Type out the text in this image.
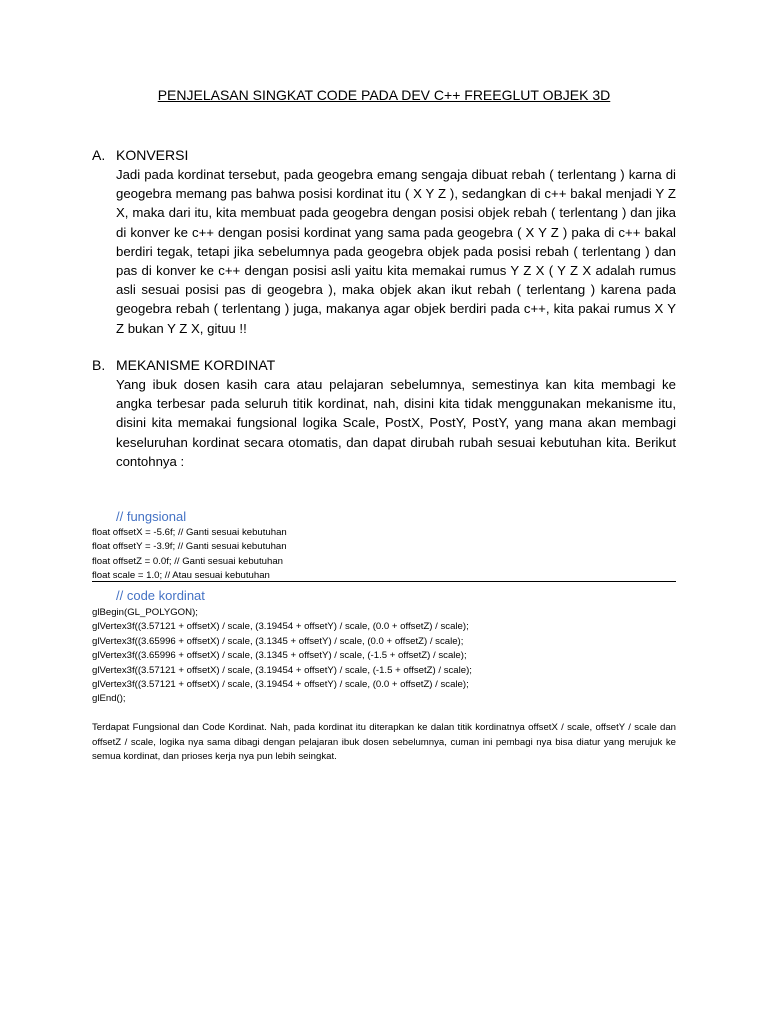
PENJELASAN SINGKAT CODE PADA DEV C++ FREEGLUT OBJEK 3D
A. KONVERSI
Jadi pada kordinat tersebut, pada geogebra emang sengaja dibuat rebah ( terlentang ) karna di geogebra memang pas bahwa posisi kordinat itu ( X Y Z ), sedangkan di c++ bakal menjadi Y Z X, maka dari itu, kita membuat pada geogebra dengan posisi objek rebah ( terlentang ) dan jika di konver ke c++ dengan posisi kordinat yang sama pada geogebra ( X Y Z ) paka di c++ bakal berdiri tegak, tetapi jika sebelumnya pada geogebra objek pada posisi rebah ( terlentang ) dan pas di konver ke c++ dengan posisi asli yaitu kita memakai rumus Y Z X ( Y Z X adalah rumus asli sesuai posisi pas di geogebra ), maka objek akan ikut rebah ( terlentang ) karena pada geogebra rebah ( terlentang ) juga, makanya agar objek berdiri pada c++, kita pakai rumus X Y Z bukan Y Z X, gituu !!
B. MEKANISME KORDINAT
Yang ibuk dosen kasih cara atau pelajaran sebelumnya, semestinya kan kita membagi ke angka terbesar pada seluruh titik kordinat, nah, disini kita tidak menggunakan mekanisme itu, disini kita memakai fungsional logika Scale, PostX, PostY, PostY, yang mana akan membagi keseluruhan kordinat secara otomatis, dan dapat dirubah rubah sesuai kebutuhan kita. Berikut contohnya :
// fungsional
float offsetX = -5.6f; // Ganti sesuai kebutuhan
float offsetY = -3.9f; // Ganti sesuai kebutuhan
float offsetZ = 0.0f; // Ganti sesuai kebutuhan
float scale = 1.0; // Atau sesuai kebutuhan
// code kordinat
glBegin(GL_POLYGON);
glVertex3f((3.57121 + offsetX) / scale, (3.19454 + offsetY) / scale, (0.0 + offsetZ) / scale);
glVertex3f((3.65996 + offsetX) / scale, (3.1345 + offsetY) / scale, (0.0 + offsetZ) / scale);
glVertex3f((3.65996 + offsetX) / scale, (3.1345 + offsetY) / scale, (-1.5 + offsetZ) / scale);
glVertex3f((3.57121 + offsetX) / scale, (3.19454 + offsetY) / scale, (-1.5 + offsetZ) / scale);
glVertex3f((3.57121 + offsetX) / scale, (3.19454 + offsetY) / scale, (0.0 + offsetZ) / scale);
glEnd();
Terdapat Fungsional dan Code Kordinat. Nah, pada kordinat itu diterapkan ke dalan titik kordinatnya offsetX / scale, offsetY / scale dan offsetZ / scale, logika nya sama dibagi dengan pelajaran ibuk dosen sebelumnya, cuman ini pembagi nya bisa diatur yang merujuk ke semua kordinat, dan prioses kerja nya pun lebih seingkat.
